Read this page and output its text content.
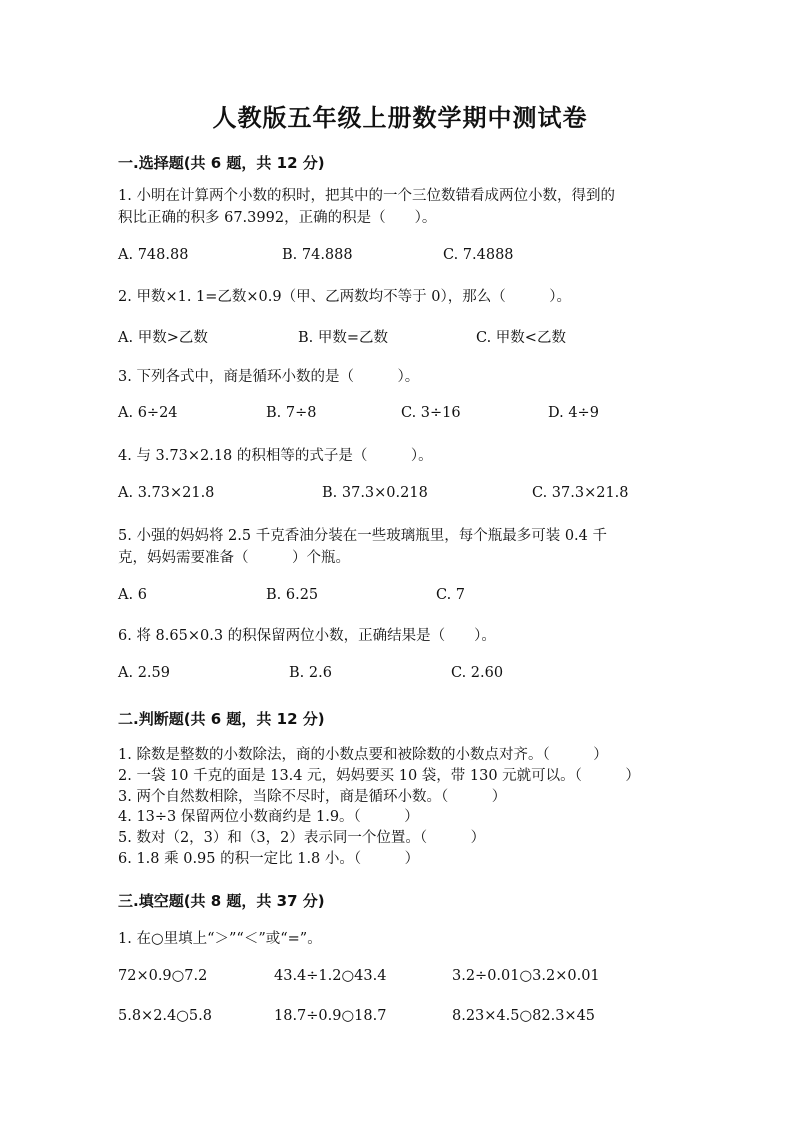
人教版五年级上册数学期中测试卷
一.选择题(共 6 题，共 12 分)
1. 小明在计算两个小数的积时，把其中的一个三位数错看成两位小数，得到的
积比正确的积多 67.3992，正确的积是（　　）。
A. 748.88	B. 74.888	C. 7.4888
2. 甲数×1. 1=乙数×0.9（甲、乙两数均不等于 0），那么（　　　）。
A. 甲数>乙数	B. 甲数=乙数	C. 甲数<乙数
3. 下列各式中，商是循环小数的是（　　　）。
A. 6÷24	B. 7÷8	C. 3÷16	D. 4÷9
4. 与 3.73×2.18 的积相等的式子是（　　　）。
A. 3.73×21.8	B. 37.3×0.218	C. 37.3×21.8
5. 小强的妈妈将 2.5 千克香油分装在一些玻璃瓶里，每个瓶最多可装 0.4 千
克，妈妈需要准备（　　　）个瓶。
A. 6	B. 6.25	C. 7
6. 将 8.65×0.3 的积保留两位小数，正确结果是（　　）。
A. 2.59	B. 2.6	C. 2.60
二.判断题(共 6 题，共 12 分)
1. 除数是整数的小数除法，商的小数点要和被除数的小数点对齐。（　　　）
2. 一袋 10 千克的面是 13.4 元，妈妈要买 10 袋，带 130 元就可以。（　　　）
3. 两个自然数相除，当除不尽时，商是循环小数。（　　　）
4. 13÷3 保留两位小数商约是 1.9。（　　　）
5. 数对（2，3）和（3，2）表示同一个位置。（　　　）
6. 1.8 乘 0.95 的积一定比 1.8 小。（　　　）
三.填空题(共 8 题，共 37 分)
1. 在○里填上“＞”“＜”或“=”。
72×0.9○7.2	43.4÷1.2○43.4	3.2÷0.01○3.2×0.01
5.8×2.4○5.8	18.7÷0.9○18.7	8.23×4.5○82.3×45
